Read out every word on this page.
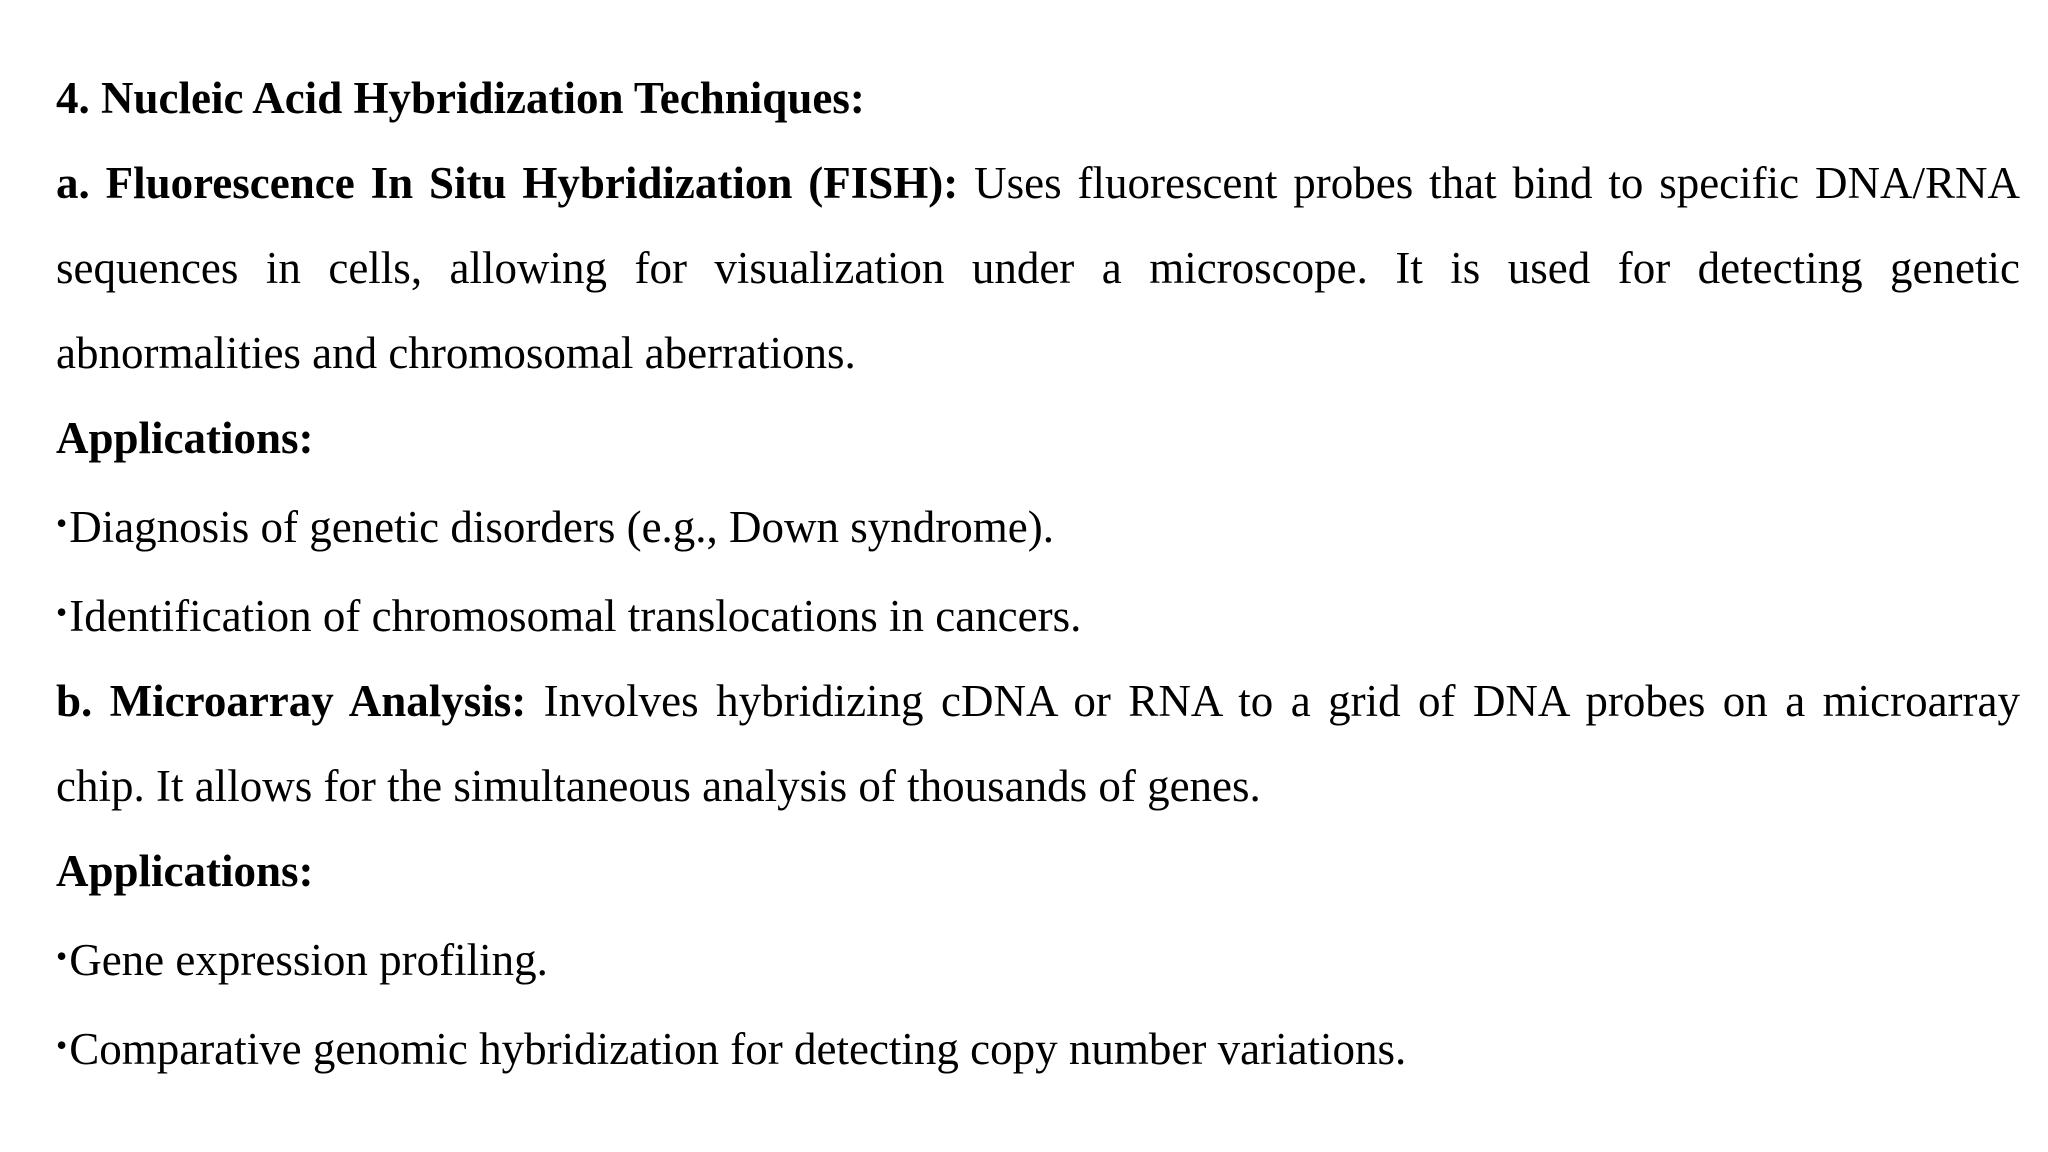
4. Nucleic Acid Hybridization Techniques:

a. Fluorescence In Situ Hybridization (FISH): Uses fluorescent probes that bind to specific DNA/RNA sequences in cells, allowing for visualization under a microscope. It is used for detecting genetic abnormalities and chromosomal aberrations.

Applications:

•Diagnosis of genetic disorders (e.g., Down syndrome).

•Identification of chromosomal translocations in cancers.

b. Microarray Analysis: Involves hybridizing cDNA or RNA to a grid of DNA probes on a microarray chip. It allows for the simultaneous analysis of thousands of genes.

Applications:

•Gene expression profiling.

•Comparative genomic hybridization for detecting copy number variations.
